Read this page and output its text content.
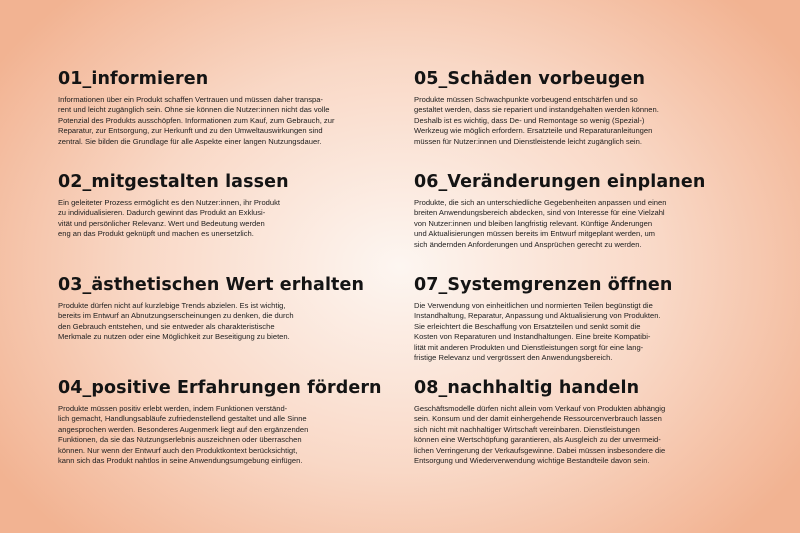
01_informieren

Informationen über ein Produkt schaffen Vertrauen und müssen daher transpa-
rent und leicht zugänglich sein. Ohne sie können die Nutzer:innen nicht das volle
Potenzial des Produkts ausschöpfen. Informationen zum Kauf, zum Gebrauch, zur
Reparatur, zur Entsorgung, zur Herkunft und zu den Umweltauswirkungen sind
zentral. Sie bilden die Grundlage für alle Aspekte einer langen Nutzungsdauer.

02_mitgestalten lassen

Ein geleiteter Prozess ermöglicht es den Nutzer:innen, ihr Produkt
zu individualisieren. Dadurch gewinnt das Produkt an Exklusi-
vität und persönlicher Relevanz. Wert und Bedeutung werden
eng an das Produkt geknüpft und machen es unersetzlich.

03_ästhetischen Wert erhalten

Produkte dürfen nicht auf kurzlebige Trends abzielen. Es ist wichtig,
bereits im Entwurf an Abnutzungserscheinungen zu denken, die durch
den Gebrauch entstehen, und sie entweder als charakteristische
Merkmale zu nutzen oder eine Möglichkeit zur Beseitigung zu bieten.

04_positive Erfahrungen fördern

Produkte müssen positiv erlebt werden, indem Funktionen verständ-
lich gemacht, Handlungsabläufe zufriedenstellend gestaltet und alle Sinne
angesprochen werden. Besonderes Augenmerk liegt auf den ergänzenden
Funktionen, da sie das Nutzungserlebnis auszeichnen oder überraschen
können. Nur wenn der Entwurf auch den Produktkontext berücksichtigt,
kann sich das Produkt nahtlos in seine Anwendungsumgebung einfügen.

05_Schäden vorbeugen

Produkte müssen Schwachpunkte vorbeugend entschärfen und so
gestaltet werden, dass sie repariert und instandgehalten werden können.
Deshalb ist es wichtig, dass De- und Remontage so wenig (Spezial-)
Werkzeug wie möglich erfordern. Ersatzteile und Reparaturanleitungen
müssen für Nutzer:innen und Dienstleistende leicht zugänglich sein.

06_Veränderungen einplanen

Produkte, die sich an unterschiedliche Gegebenheiten anpassen und einen
breiten Anwendungsbereich abdecken, sind von Interesse für eine Vielzahl
von Nutzer:innen und bleiben langfristig relevant. Künftige Änderungen
und Aktualisierungen müssen bereits im Entwurf mitgeplant werden, um
sich ändernden Anforderungen und Ansprüchen gerecht zu werden.

07_Systemgrenzen öffnen

Die Verwendung von einheitlichen und normierten Teilen begünstigt die
Instandhaltung, Reparatur, Anpassung und Aktualisierung von Produkten.
Sie erleichtert die Beschaffung von Ersatzteilen und senkt somit die
Kosten von Reparaturen und Instandhaltungen. Eine breite Kompatibi-
lität mit anderen Produkten und Dienstleistungen sorgt für eine lang-
fristige Relevanz und vergrössert den Anwendungsbereich.

08_nachhaltig handeln

Geschäftsmodelle dürfen nicht allein vom Verkauf von Produkten abhängig
sein. Konsum und der damit einhergehende Ressourcenverbrauch lassen
sich nicht mit nachhaltiger Wirtschaft vereinbaren. Dienstleistungen
können eine Wertschöpfung garantieren, als Ausgleich zu der unvermeid-
lichen Verringerung der Verkaufsgewinne. Dabei müssen insbesondere die
Entsorgung und Wiederverwendung wichtige Bestandteile davon sein.
